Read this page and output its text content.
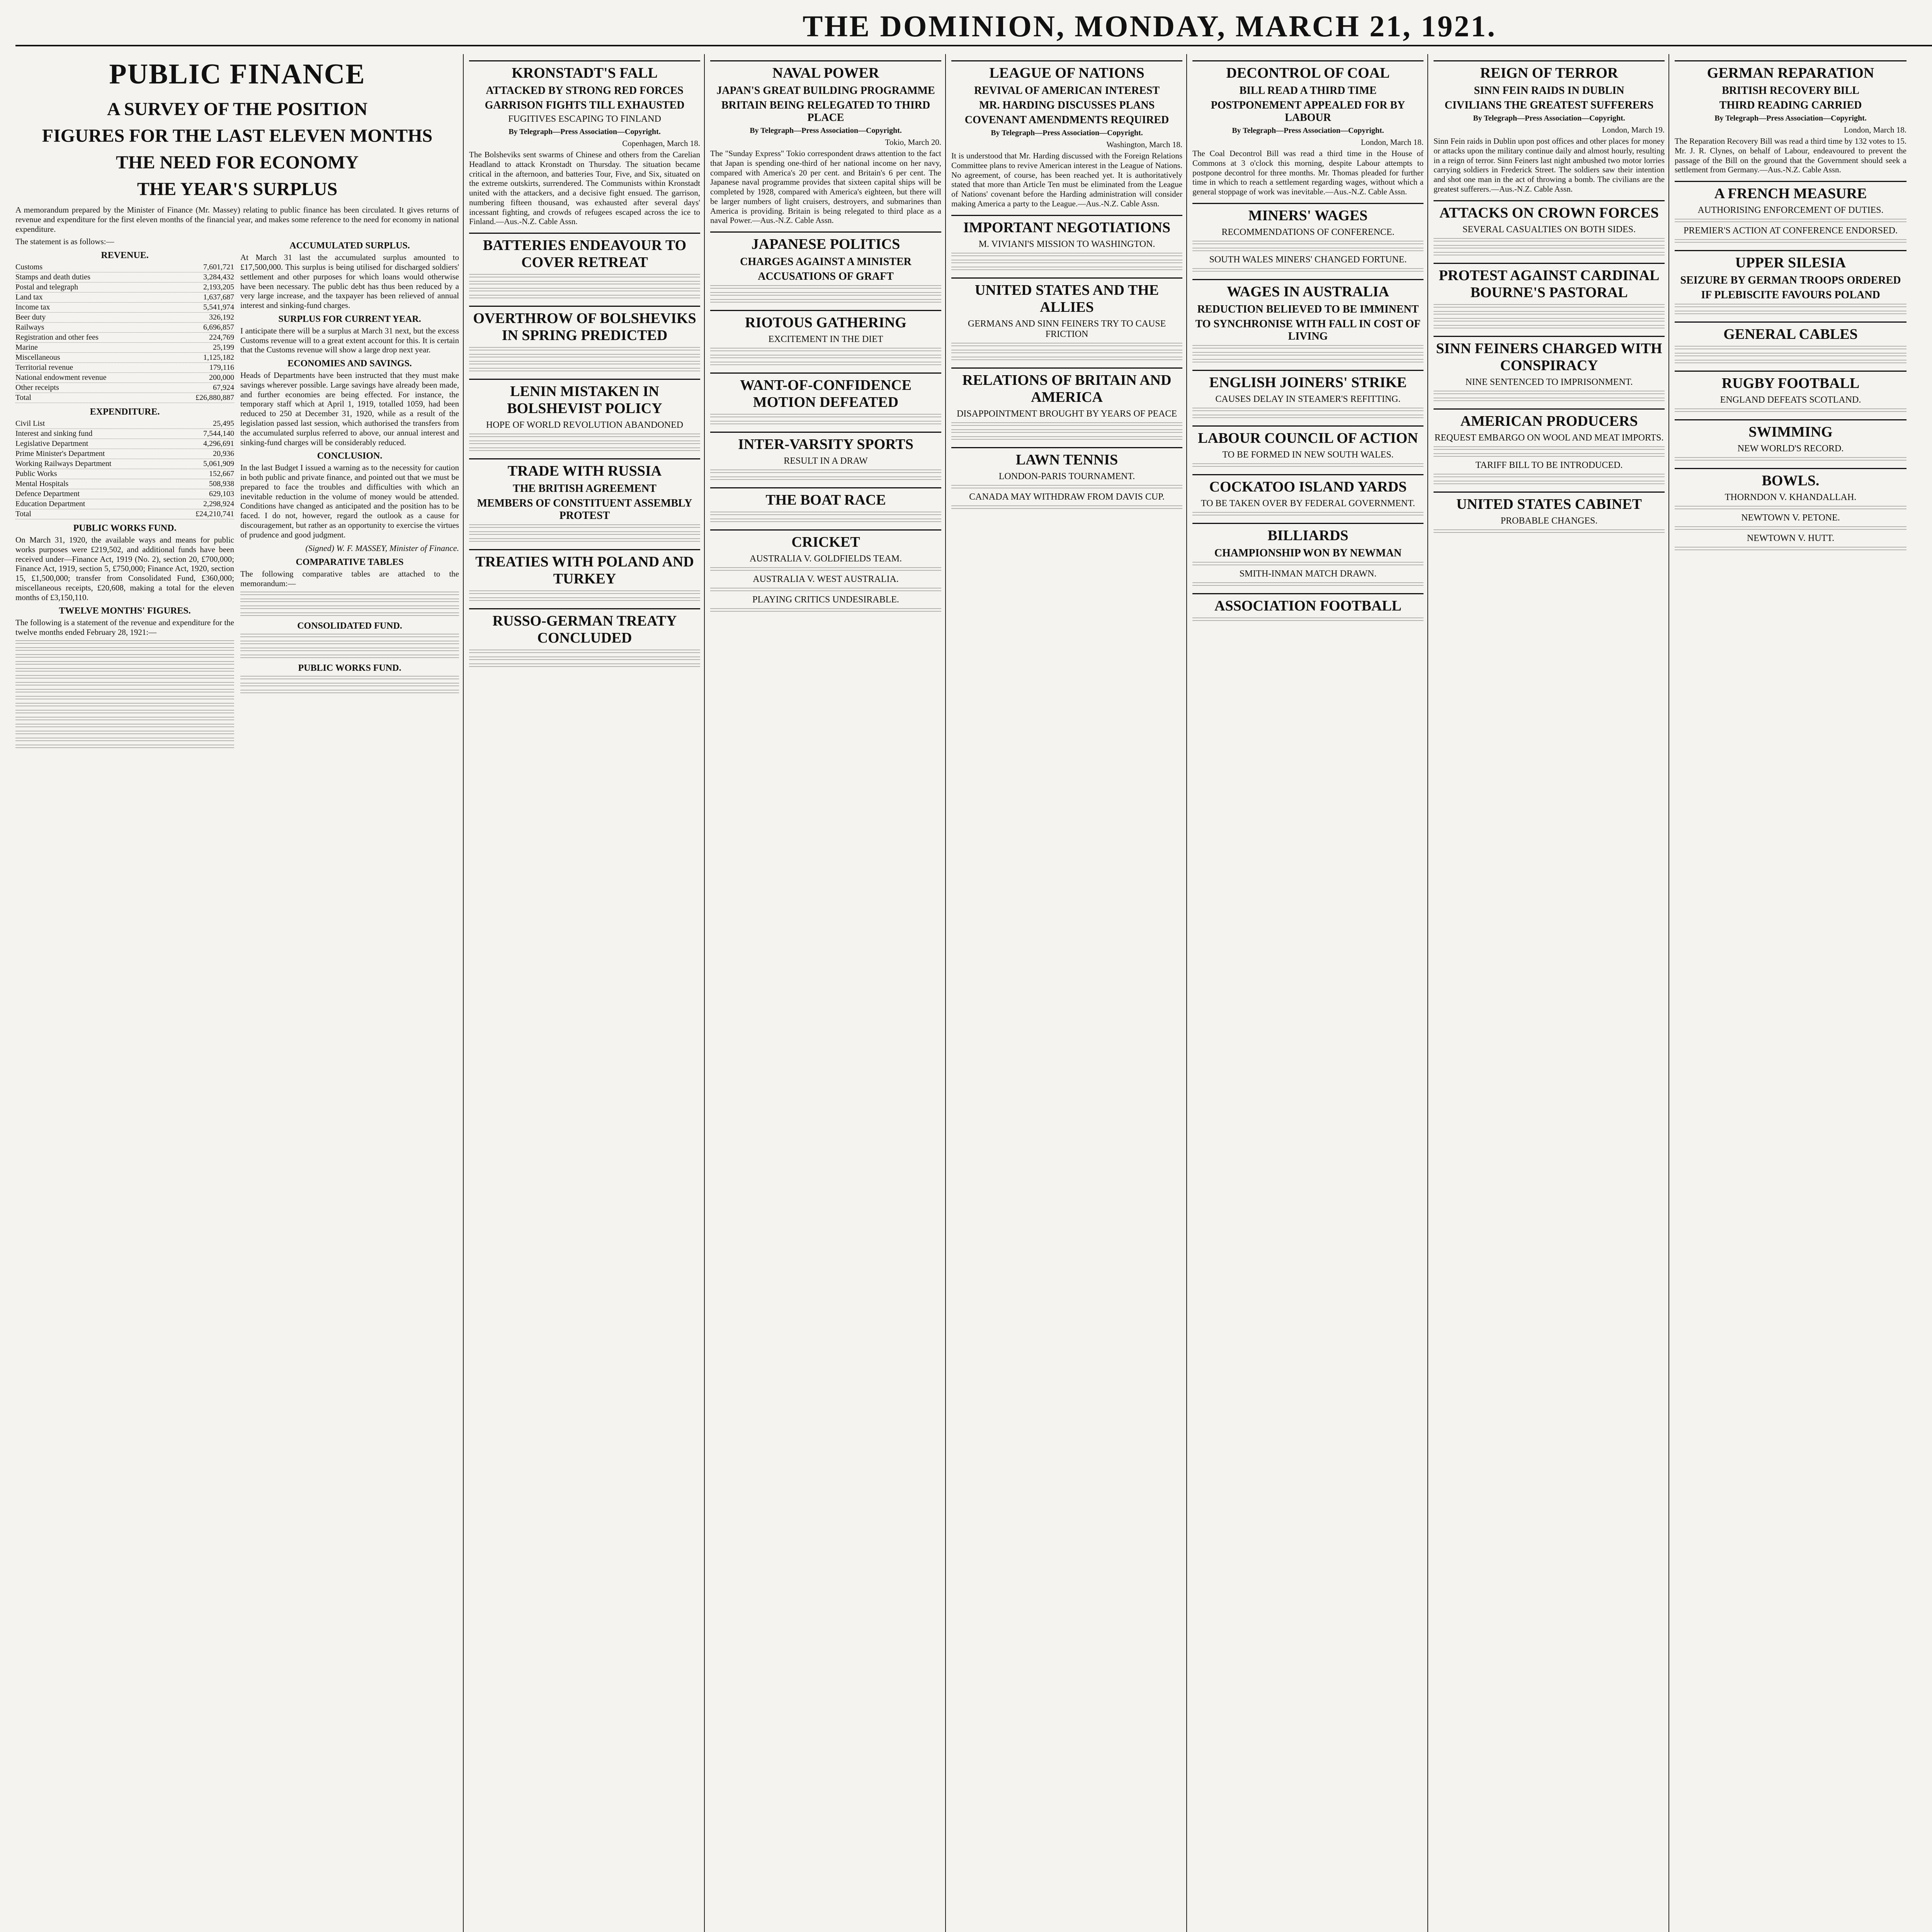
THE DOMINION, MONDAY, MARCH 21, 1921.
PUBLIC FINANCE
A SURVEY OF THE POSITION
FIGURES FOR THE LAST ELEVEN MONTHS
THE NEED FOR ECONOMY
THE YEAR'S SURPLUS

A memorandum prepared by the Minister of Finance (Mr. Massey) relating to public finance has been circulated. It gives returns of revenue and expenditure for the first eleven months of the financial year, and makes some reference to the need for economy in national expenditure.

The statement is as follows:—

REVENUE.
Customs	7,601,721
Stamps and death duties	3,284,432
Postal and telegraph	2,193,205
Land tax	1,637,687
Income tax	5,541,974
Beer duty	326,192
Railways	6,696,857
Registration and other fees	224,769
Marine	25,199
Miscellaneous	1,125,182
Territorial revenue	179,116
National endowment revenue	200,000
Other receipts	67,924
Total	£26,880,887
EXPENDITURE.
Civil List	25,495
Interest and sinking fund	7,544,140
Legislative Department	4,296,691
Prime Minister's Department	20,936
Working Railways Department	5,061,909
Public Works	152,667
Mental Hospitals	508,938
Defence Department	629,103
Education Department	2,298,924
Total	£24,210,741
PUBLIC WORKS FUND.

On March 31, 1920, the available ways and means for public works purposes were £219,502, and additional funds have been received under—Finance Act, 1919 (No. 2), section 20, £700,000; Finance Act, 1919, section 5, £750,000; Finance Act, 1920, section 15, £1,500,000; transfer from Consolidated Fund, £360,000; miscellaneous receipts, £20,608, making a total for the eleven months of £3,150,110.

TWELVE MONTHS' FIGURES.

The following is a statement of the revenue and expenditure for the twelve months ended February 28, 1921:—

ACCUMULATED SURPLUS.

At March 31 last the accumulated surplus amounted to £17,500,000. This surplus is being utilised for discharged soldiers' settlement and other purposes for which loans would otherwise have been necessary. The public debt has thus been reduced by a very large increase, and the taxpayer has been relieved of annual interest and sinking-fund charges.

SURPLUS FOR CURRENT YEAR.

I anticipate there will be a surplus at March 31 next, but the excess Customs revenue will to a great extent account for this. It is certain that the Customs revenue will show a large drop next year.

ECONOMIES AND SAVINGS.

Heads of Departments have been instructed that they must make savings wherever possible. Large savings have already been made, and further economies are being effected. For instance, the temporary staff which at April 1, 1919, totalled 1059, had been reduced to 250 at December 31, 1920, while as a result of the legislation passed last session, which authorised the transfers from the accumulated surplus referred to above, our annual interest and sinking-fund charges will be considerably reduced.

CONCLUSION.

In the last Budget I issued a warning as to the necessity for caution in both public and private finance, and pointed out that we must be prepared to face the troubles and difficulties with which an inevitable reduction in the volume of money would be attended. Conditions have changed as anticipated and the position has to be faced. I do not, however, regard the outlook as a cause for discouragement, but rather as an opportunity to exercise the virtues of prudence and good judgment.

(Signed) W. F. MASSEY, Minister of Finance.
COMPARATIVE TABLES

The following comparative tables are attached to the memorandum:—

CONSOLIDATED FUND.
PUBLIC WORKS FUND.
KRONSTADT'S FALL
ATTACKED BY STRONG RED FORCES
GARRISON FIGHTS TILL EXHAUSTED
FUGITIVES ESCAPING TO FINLAND
By Telegraph—Press Association—Copyright.
Copenhagen, March 18.

The Bolsheviks sent swarms of Chinese and others from the Carelian Headland to attack Kronstadt on Thursday. The situation became critical in the afternoon, and batteries Tour, Five, and Six, situated on the extreme outskirts, surrendered. The Communists within Kronstadt united with the attackers, and a decisive fight ensued. The garrison, numbering fifteen thousand, was exhausted after several days' incessant fighting, and crowds of refugees escaped across the ice to Finland.—Aus.-N.Z. Cable Assn.

BATTERIES ENDEAVOUR TO COVER RETREAT
OVERTHROW OF BOLSHEVIKS IN SPRING PREDICTED
LENIN MISTAKEN IN BOLSHEVIST POLICY
HOPE OF WORLD REVOLUTION ABANDONED
TRADE WITH RUSSIA
THE BRITISH AGREEMENT
MEMBERS OF CONSTITUENT ASSEMBLY PROTEST
TREATIES WITH POLAND AND TURKEY
RUSSO-GERMAN TREATY CONCLUDED
NAVAL POWER
JAPAN'S GREAT BUILDING PROGRAMME
BRITAIN BEING RELEGATED TO THIRD PLACE
By Telegraph—Press Association—Copyright.
Tokio, March 20.

The "Sunday Express" Tokio correspondent draws attention to the fact that Japan is spending one-third of her national income on her navy, compared with America's 20 per cent. and Britain's 6 per cent. The Japanese naval programme provides that sixteen capital ships will be completed by 1928, compared with America's eighteen, but there will be larger numbers of light cruisers, destroyers, and submarines than America is providing. Britain is being relegated to third place as a naval Power.—Aus.-N.Z. Cable Assn.

JAPANESE POLITICS
CHARGES AGAINST A MINISTER
ACCUSATIONS OF GRAFT
RIOTOUS GATHERING
EXCITEMENT IN THE DIET
WANT-OF-CONFIDENCE MOTION DEFEATED
INTER-VARSITY SPORTS
RESULT IN A DRAW
THE BOAT RACE
CRICKET
AUSTRALIA V. GOLDFIELDS TEAM.
AUSTRALIA V. WEST AUSTRALIA.
PLAYING CRITICS UNDESIRABLE.
LEAGUE OF NATIONS
REVIVAL OF AMERICAN INTEREST
MR. HARDING DISCUSSES PLANS
COVENANT AMENDMENTS REQUIRED
By Telegraph—Press Association—Copyright.
Washington, March 18.

It is understood that Mr. Harding discussed with the Foreign Relations Committee plans to revive American interest in the League of Nations. No agreement, of course, has been reached yet. It is authoritatively stated that more than Article Ten must be eliminated from the League of Nations' covenant before the Harding administration will consider making America a party to the League.—Aus.-N.Z. Cable Assn.

IMPORTANT NEGOTIATIONS
M. VIVIANI'S MISSION TO WASHINGTON.
UNITED STATES AND THE ALLIES
GERMANS AND SINN FEINERS TRY TO CAUSE FRICTION
RELATIONS OF BRITAIN AND AMERICA
DISAPPOINTMENT BROUGHT BY YEARS OF PEACE
LAWN TENNIS
LONDON-PARIS TOURNAMENT.
CANADA MAY WITHDRAW FROM DAVIS CUP.
DECONTROL OF COAL
BILL READ A THIRD TIME
POSTPONEMENT APPEALED FOR BY LABOUR
By Telegraph—Press Association—Copyright.
London, March 18.

The Coal Decontrol Bill was read a third time in the House of Commons at 3 o'clock this morning, despite Labour attempts to postpone decontrol for three months. Mr. Thomas pleaded for further time in which to reach a settlement regarding wages, without which a general stoppage of work was inevitable.—Aus.-N.Z. Cable Assn.

MINERS' WAGES
RECOMMENDATIONS OF CONFERENCE.
SOUTH WALES MINERS' CHANGED FORTUNE.
WAGES IN AUSTRALIA
REDUCTION BELIEVED TO BE IMMINENT
TO SYNCHRONISE WITH FALL IN COST OF LIVING
ENGLISH JOINERS' STRIKE
CAUSES DELAY IN STEAMER'S REFITTING.
LABOUR COUNCIL OF ACTION
TO BE FORMED IN NEW SOUTH WALES.
COCKATOO ISLAND YARDS
TO BE TAKEN OVER BY FEDERAL GOVERNMENT.
BILLIARDS
CHAMPIONSHIP WON BY NEWMAN
SMITH-INMAN MATCH DRAWN.
ASSOCIATION FOOTBALL
REIGN OF TERROR
SINN FEIN RAIDS IN DUBLIN
CIVILIANS THE GREATEST SUFFERERS
By Telegraph—Press Association—Copyright.
London, March 19.

Sinn Fein raids in Dublin upon post offices and other places for money or attacks upon the military continue daily and almost hourly, resulting in a reign of terror. Sinn Feiners last night ambushed two motor lorries carrying soldiers in Frederick Street. The soldiers saw their intention and shot one man in the act of throwing a bomb. The civilians are the greatest sufferers.—Aus.-N.Z. Cable Assn.

ATTACKS ON CROWN FORCES
SEVERAL CASUALTIES ON BOTH SIDES.
PROTEST AGAINST CARDINAL BOURNE'S PASTORAL
SINN FEINERS CHARGED WITH CONSPIRACY
NINE SENTENCED TO IMPRISONMENT.
AMERICAN PRODUCERS
REQUEST EMBARGO ON WOOL AND MEAT IMPORTS.
TARIFF BILL TO BE INTRODUCED.
UNITED STATES CABINET
PROBABLE CHANGES.
GERMAN REPARATION
BRITISH RECOVERY BILL
THIRD READING CARRIED
By Telegraph—Press Association—Copyright.
London, March 18.

The Reparation Recovery Bill was read a third time by 132 votes to 15. Mr. J. R. Clynes, on behalf of Labour, endeavoured to prevent the passage of the Bill on the ground that the Government should seek a settlement from Germany.—Aus.-N.Z. Cable Assn.

A FRENCH MEASURE
AUTHORISING ENFORCEMENT OF DUTIES.
PREMIER'S ACTION AT CONFERENCE ENDORSED.
UPPER SILESIA
SEIZURE BY GERMAN TROOPS ORDERED
IF PLEBISCITE FAVOURS POLAND
GENERAL CABLES
RUGBY FOOTBALL
ENGLAND DEFEATS SCOTLAND.
SWIMMING
NEW WORLD'S RECORD.
BOWLS.
THORNDON V. KHANDALLAH.
NEWTOWN V. PETONE.
NEWTOWN V. HUTT.
